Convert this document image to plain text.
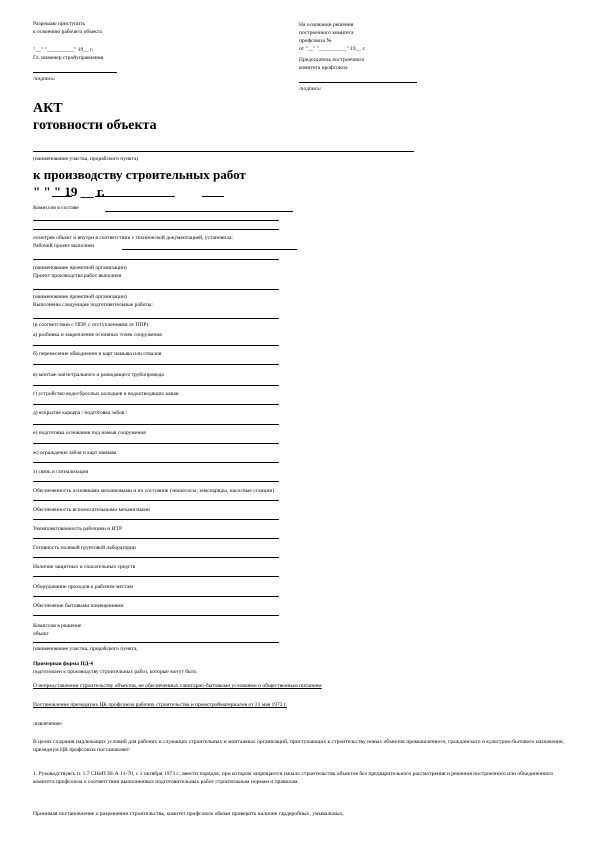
Разрешаю приступить
к освоению рабочего объекта
"__" "__________" 19__ г.
Гл. инженер стройуправления
/подпись/
На основании решения
построечного комитета
профсоюза №
от "__" "__________" 19__ г.
Председатель построечного
комитета профсоюза
/подпись/
АКТ
готовности объекта
(наименование участка, прорабского пункта)
к производству строительных работ
" " " 19 __ г.
Комиссия в составе
осмотрев объект и внутри в соответствии с технической документацией, установила:
Рабочий проект выполнен
(наименование проектной организации)
Проект производства работ выполнен
(наименование проектной организации)
Выполнены следующие подготовительные работы:
(в соответствии с ППР, с отступлениями от ППР)
а) разбивка и закрепление основных точек сооружения
б) перенесение обводнения и карт намыва или отвалов
в) монтаж магистрального и разводящего трубопровода
г) устройство водосбросных колодцев и водоотводящих канав
д) вскрытие карьера / подготовка забоя /
е) подготовка основания под намыв сооружения
ж) ограждение забоя и карт намыва
з) связь и сигнализация
Обеспеченность основными механизмами и их состояние (землесосы, земснаряды, насосные станции)
Обеспеченность вспомогательными механизмами
Укомплектованность рабочими и ИТР
Готовность полевой грунтовой лаборатории
Наличие защитных и спасательных средств
Оборудование проходов к рабочим местам
Обеспечение бытовыми помещениями
Комиссия в решение
объект
(наименование участка, прорабского пункта,
Примерная форма ПД-4
подготовлен к производству строительных работ, которые могут быть
О непредставлении строительству объектов, не обеспеченных санитарно-бытовыми условиями и общественным питанием
Постановление президиума ЦК профсоюза рабочих строительства и промстройматериалов от 23 мая 1973 г.
/извлечение/
В целях создания надлежащих условий для рабочих и служащих строительных и монтажных организаций, приступающих к строительству новых объектов промышленного, гражданского и культурно-бытового назначения, президиум ЦК профсоюза постановляет:
1. Руководствуясь п. 1.7 СНиП III-А 11-70, с 1 октября 1973 г., ввести порядок, при котором запрещается начало строительства объектов без предварительного рассмотрения и решения построечного или объединенного комитета профсоюза о соответствии выполненных подготовительных работ строительным нормам и правилам.
Принимая постановление о разрешении строительства, комитет профсоюза обязан проверить наличие гардеробных, умывальных,
